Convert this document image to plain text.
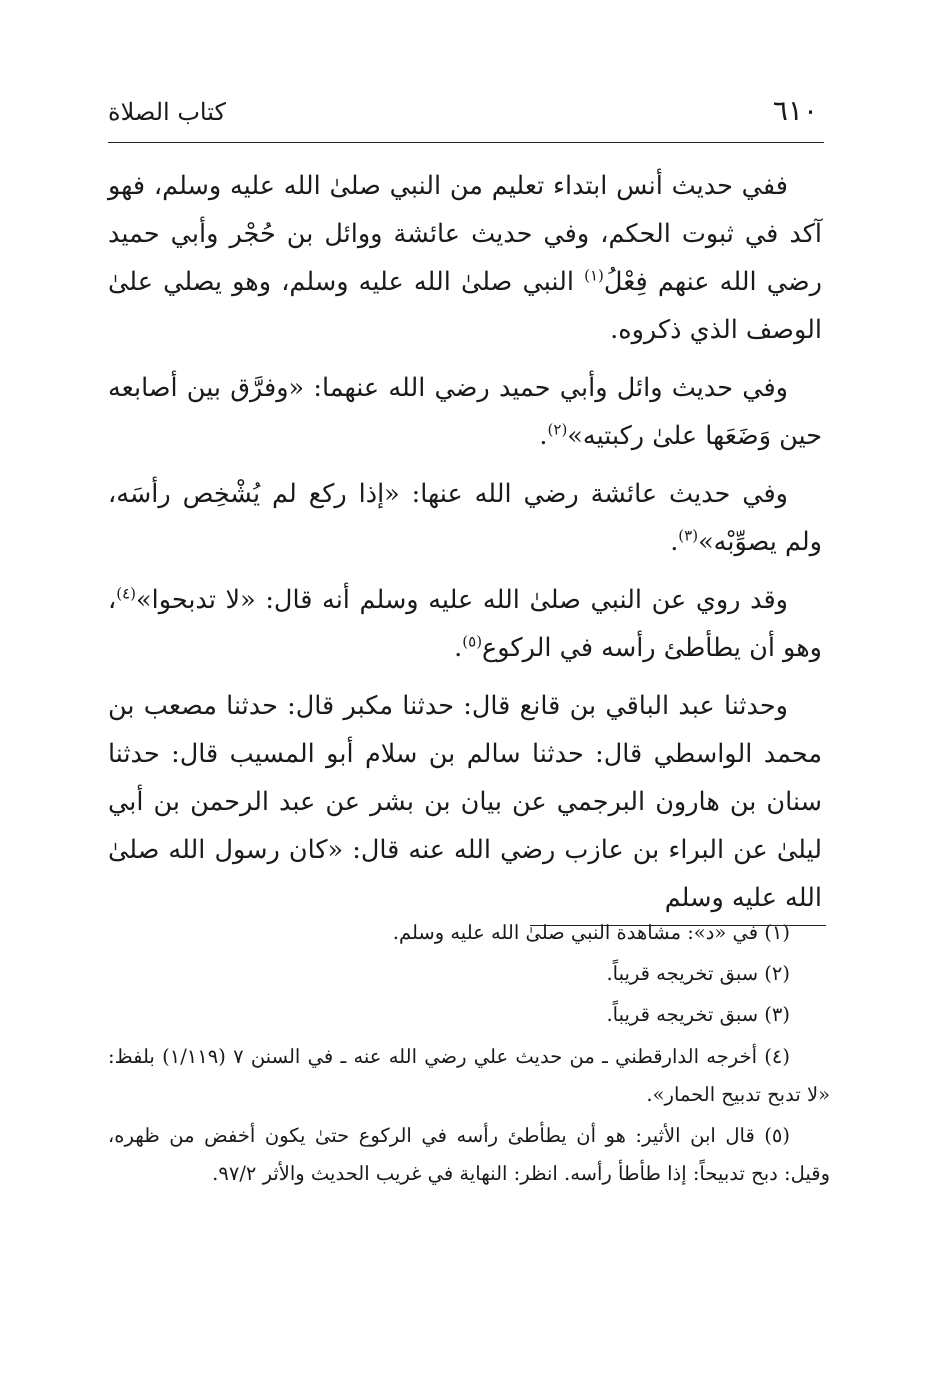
٦١٠
كتاب الصلاة

ففي حديث أنس ابتداء تعليم من النبي صلىٰ الله عليه وسلم، فهو آكد في ثبوت الحكم، وفي حديث عائشة ووائل بن حُجْر وأبي حميد رضي الله عنهم فِعْلُ$^{(١)}$ النبي صلىٰ الله عليه وسلم، وهو يصلي علىٰ الوصف الذي ذكروه.

وفي حديث وائل وأبي حميد رضي الله عنهما: «وفرَّق بين أصابعه حين وَضَعَها علىٰ ركبتيه»$^{(٢)}$.

وفي حديث عائشة رضي الله عنها: «إذا ركع لم يُشْخِص رأسَه، ولم يصوِّبْه»$^{(٣)}$.

وقد روي عن النبي صلىٰ الله عليه وسلم أنه قال: «لا تدبحوا»$^{(٤)}$، وهو أن يطأطئ رأسه في الركوع$^{(٥)}$.

وحدثنا عبد الباقي بن قانع قال: حدثنا مكبر قال: حدثنا مصعب بن محمد الواسطي قال: حدثنا سالم بن سلام أبو المسيب قال: حدثنا سنان بن هارون البرجمي عن بيان بن بشر عن عبد الرحمن بن أبي ليلىٰ عن البراء بن عازب رضي الله عنه قال: «كان رسول الله صلىٰ الله عليه وسلم

(١) في «د»: مشاهدة النبي صلىٰ الله عليه وسلم.

(٢) سبق تخريجه قريباً.

(٣) سبق تخريجه قريباً.

(٤) أخرجه الدارقطني ـ من حديث علي رضي الله عنه ـ في السنن ٧ (١/١١٩) بلفظ: «لا تدبح تدبيح الحمار».

(٥) قال ابن الأثير: هو أن يطأطئ رأسه في الركوع حتىٰ يكون أخفض من ظهره، وقيل: دبح تدبيحاً: إذا طأطأ رأسه. انظر: النهاية في غريب الحديث والأثر ٩٧/٢.
